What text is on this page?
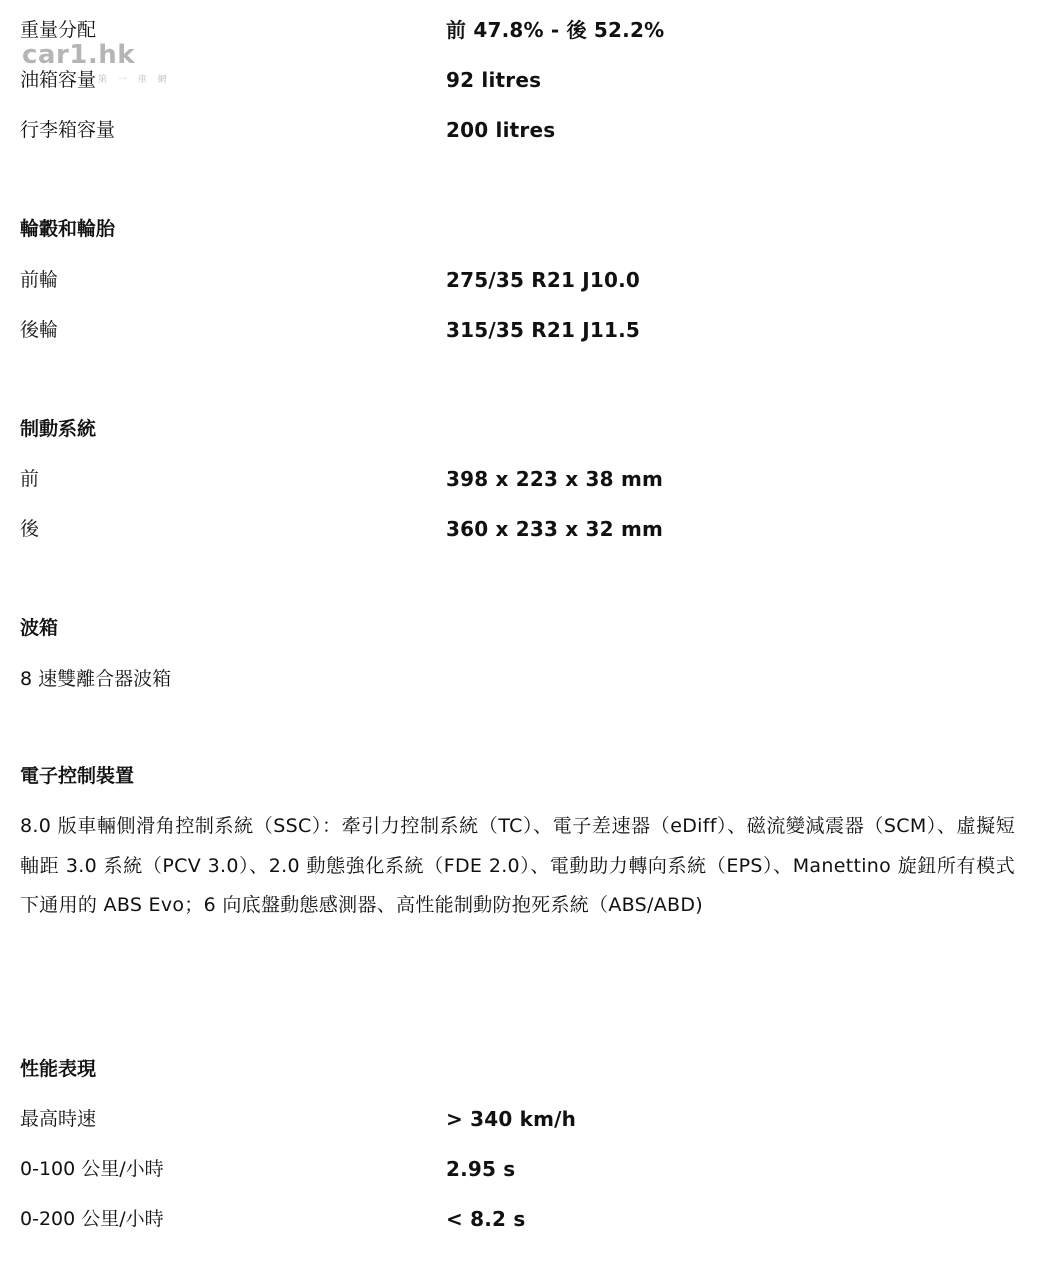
car1.hk
第 一 車 網
重量分配	前 47.8% - 後 52.2%
油箱容量	92 litres
行李箱容量	200 litres
輪轂和輪胎
前輪	275/35 R21 J10.0
後輪	315/35 R21 J11.5
制動系統
前	398 x 223 x 38 mm
後	360 x 233 x 32 mm
波箱
8 速雙離合器波箱
電子控制裝置
8.0 版車輛側滑角控制系統（SSC）：牽引力控制系統（TC）、電子差速器（eDiff）、磁流變減震器（SCM）、虛擬短軸距 3.0 系統（PCV 3.0）、2.0 動態強化系統（FDE 2.0）、電動助力轉向系統（EPS）、Manettino 旋鈕所有模式下通用的 ABS Evo；6 向底盤動態感測器、高性能制動防抱死系統（ABS/ABD)
性能表現
最高時速	> 340 km/h
0-100 公里/小時	2.95 s
0-200 公里/小時	< 8.2 s
